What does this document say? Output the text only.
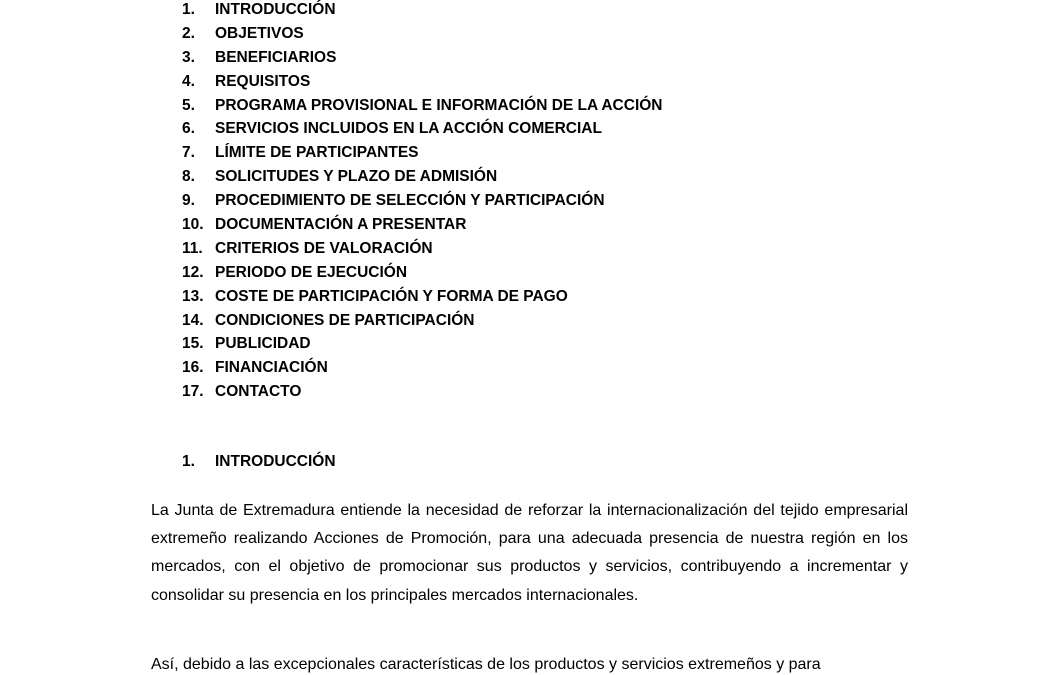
1.	INTRODUCCIÓN
2.	OBJETIVOS
3.	BENEFICIARIOS
4.	REQUISITOS
5.	PROGRAMA PROVISIONAL E INFORMACIÓN DE LA ACCIÓN
6.	SERVICIOS INCLUIDOS EN LA ACCIÓN COMERCIAL
7.	LÍMITE DE PARTICIPANTES
8.	SOLICITUDES Y PLAZO DE ADMISIÓN
9.	PROCEDIMIENTO DE SELECCIÓN Y PARTICIPACIÓN
10. DOCUMENTACIÓN A PRESENTAR
11. CRITERIOS DE VALORACIÓN
12. PERIODO DE EJECUCIÓN
13. COSTE DE PARTICIPACIÓN Y FORMA DE PAGO
14. CONDICIONES DE PARTICIPACIÓN
15. PUBLICIDAD
16. FINANCIACIÓN
17. CONTACTO
1.	INTRODUCCIÓN

La Junta de Extremadura entiende la necesidad de reforzar la internacionalización del tejido empresarial extremeño realizando Acciones de Promoción, para una adecuada presencia de nuestra región en los mercados, con el objetivo de promocionar sus productos y servicios, contribuyendo a incrementar y consolidar su presencia en los principales mercados internacionales.

Así, debido a las excepcionales características de los productos y servicios extremeños y para
